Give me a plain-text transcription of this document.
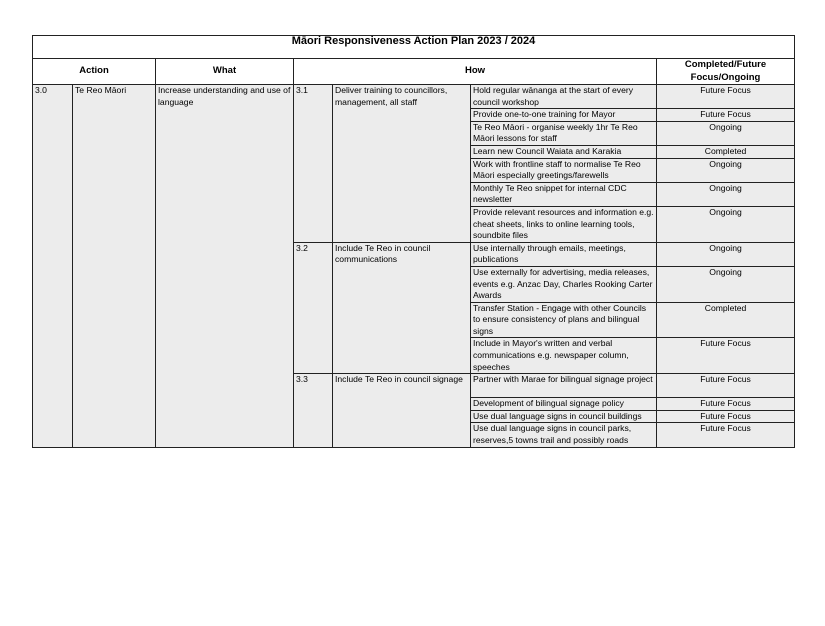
Māori Responsiveness Action Plan 2023 / 2024						
Action		What	How			Completed/Future Focus/Ongoing
3.0	Te Reo Māori	Increase understanding and use of language	3.1	Deliver training to councillors, management, all staff	Hold regular wānanga at the start of every council workshop	Future Focus
					Provide one-to-one training for Mayor	Future Focus
					Te Reo Māori - organise weekly 1hr Te Reo Māori lessons for staff	Ongoing
					Learn new Council Waiata and Karakia	Completed
					Work with frontline staff to normalise Te Reo Māori especially greetings/farewells	Ongoing
					Monthly Te Reo snippet for internal CDC newsletter	Ongoing
					Provide relevant resources and information e.g. cheat sheets, links to online learning tools, soundbite files	Ongoing
			3.2	Include Te Reo in council communications	Use internally through emails, meetings, publications	Ongoing
					Use externally for advertising, media releases, events e.g. Anzac Day, Charles Rooking Carter Awards	Ongoing
					Transfer Station - Engage with other Councils to ensure consistency of plans and bilingual signs	Completed
					Include in Mayor's written and verbal communications e.g. newspaper column, speeches	Future Focus
			3.3	Include Te Reo in council signage	Partner with Marae for bilingual signage project	Future Focus
					Development of bilingual signage policy	Future Focus
					Use dual language signs in council buildings	Future Focus
					Use dual language signs in council parks, reserves,5 towns trail and possibly roads	Future Focus
